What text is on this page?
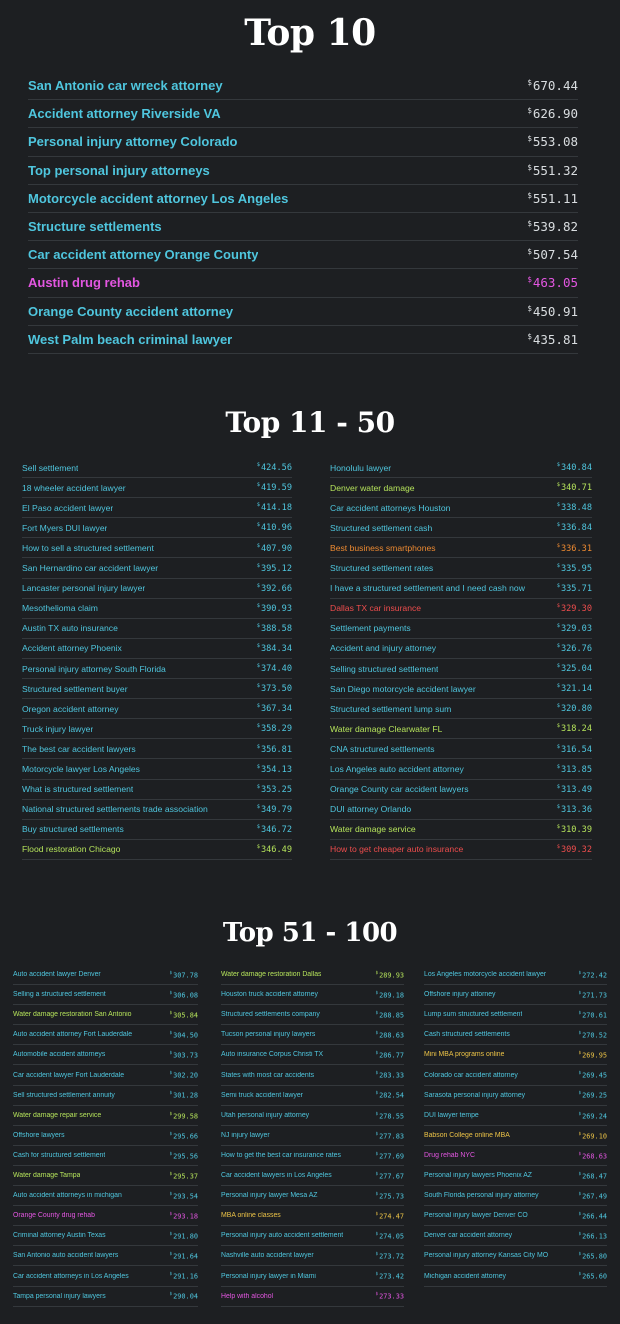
Top 10
San Antonio car wreck attorney	$670.44
Accident attorney Riverside VA	$626.90
Personal injury attorney Colorado	$553.08
Top personal injury attorneys	$551.32
Motorcycle accident attorney Los Angeles	$551.11
Structure settlements	$539.82
Car accident attorney Orange County	$507.54
Austin drug rehab	$463.05
Orange County accident attorney	$450.91
West Palm beach criminal lawyer	$435.81
Top 11 - 50
Sell settlement	$424.56
18 wheeler accident lawyer	$419.59
El Paso accident lawyer	$414.18
Fort Myers DUI lawyer	$410.96
How to sell a structured settlement	$407.90
San Hernardino car accident lawyer	$395.12
Lancaster personal injury lawyer	$392.66
Mesothelioma claim	$390.93
Austin TX auto insurance	$388.58
Accident attorney Phoenix	$384.34
Personal injury attorney South Florida	$374.40
Structured settlement buyer	$373.50
Oregon accident attorney	$367.34
Truck injury lawyer	$358.29
The best car accident lawyers	$356.81
Motorcycle lawyer Los Angeles	$354.13
What is structured settlement	$353.25
National structured settlements trade association	$349.79
Buy structured settlements	$346.72
Flood restoration Chicago	$346.49
Honolulu lawyer	$340.84
Denver water damage	$340.71
Car accident attorneys Houston	$338.48
Structured settlement cash	$336.84
Best business smartphones	$336.31
Structured settlement rates	$335.95
I have a structured settlement and I need cash now	$335.71
Dallas TX car insurance	$329.30
Settlement payments	$329.03
Accident and injury attorney	$326.76
Selling structured settlement	$325.04
San Diego motorcycle accident lawyer	$321.14
Structured settlement lump sum	$320.80
Water damage Clearwater FL	$318.24
CNA structured settlements	$316.54
Los Angeles auto accident attorney	$313.85
Orange County car accident lawyers	$313.49
DUI attorney Orlando	$313.36
Water damage service	$310.39
How to get cheaper auto insurance	$309.32
Top 51 - 100
Auto accident lawyer Denver	$307.78
Selling a structured settlement	$306.08
Water damage restoration San Antonio	$305.84
Auto accident attorney Fort Lauderdale	$304.50
Automobile accident attorneys	$303.73
Car accident lawyer Fort Lauderdale	$302.20
Sell structured settlement annuity	$301.28
Water damage repair service	$299.58
Offshore lawyers	$295.66
Cash for structured settlement	$295.56
Water damage Tampa	$295.37
Auto accident attorneys in michigan	$293.54
Orange County drug rehab	$293.18
Criminal attorney Austin Texas	$291.80
San Antonio auto accident lawyers	$291.64
Car accident attorneys in Los Angeles	$291.16
Tampa personal injury lawyers	$290.04
Water damage restoration Dallas	$289.93
Houston truck accident attorney	$289.18
Structured settlements company	$288.85
Tucson personal injury lawyers	$288.63
Auto insurance Corpus Christi TX	$286.77
States with most car accidents	$283.33
Semi truck accident lawyer	$282.54
Utah personal injury attorney	$278.55
NJ injury lawyer	$277.83
How to get the best car insurance rates	$277.69
Car accident lawyers in Los Angeles	$277.67
Personal injury lawyer Mesa AZ	$275.73
MBA online classes	$274.47
Personal injury auto accident settlement	$274.05
Nashville auto accident lawyer	$273.72
Personal injury lawyer in Miami	$273.42
Help with alcohol	$273.33
Los Angeles motorcycle accident lawyer	$272.42
Offshore injury attorney	$271.73
Lump sum structured settlement	$270.61
Cash structured settlements	$270.52
Mini MBA programs online	$269.95
Colorado car accident attorney	$269.45
Sarasota personal injury attorney	$269.25
DUI lawyer tempe	$269.24
Babson College online MBA	$269.10
Drug rehab NYC	$268.63
Personal injury lawyers Phoenix AZ	$268.47
South Florida personal injury attorney	$267.49
Personal injury lawyer Denver CO	$266.44
Denver car accident attorney	$266.13
Personal injury attorney Kansas City MO	$265.80
Michigan accident attorney	$265.60
